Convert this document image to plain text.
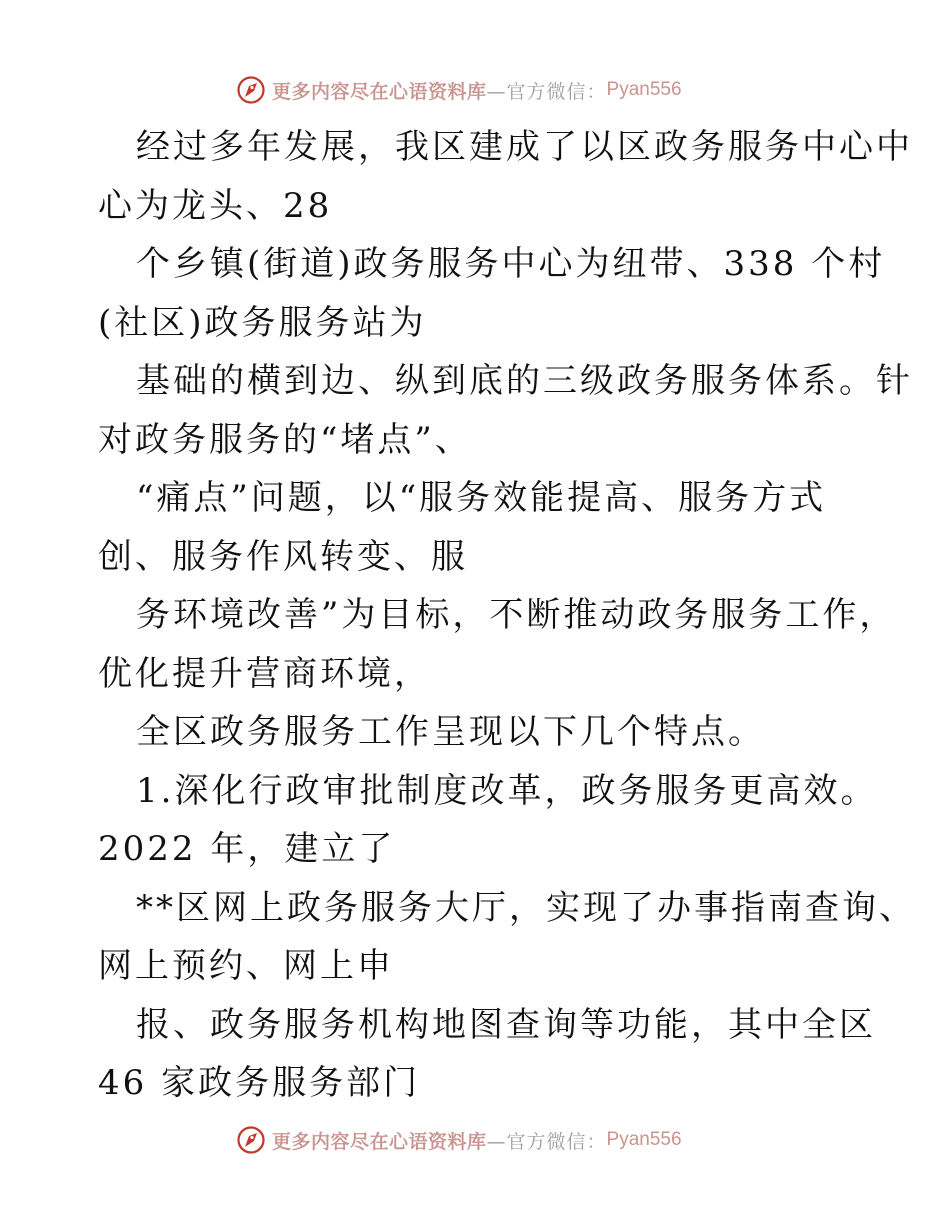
更多内容尽在心语资料库 —官方微信： Pyan556
经过多年发展，我区建成了以区政务服务中心中
心为龙头、28
个乡镇(街道)政务服务中心为纽带、338 个村
(社区)政务服务站为
基础的横到边、纵到底的三级政务服务体系。针
对政务服务的“堵点”、
“痛点”问题，以“服务效能提高、服务方式
创、服务作风转变、服
务环境改善”为目标，不断推动政务服务工作，
优化提升营商环境，
全区政务服务工作呈现以下几个特点。
1.深化行政审批制度改革，政务服务更高效。
2022 年，建立了
**区网上政务服务大厅，实现了办事指南查询、
网上预约、网上申
报、政务服务机构地图查询等功能，其中全区
46 家政务服务部门
更多内容尽在心语资料库 —官方微信： Pyan556
